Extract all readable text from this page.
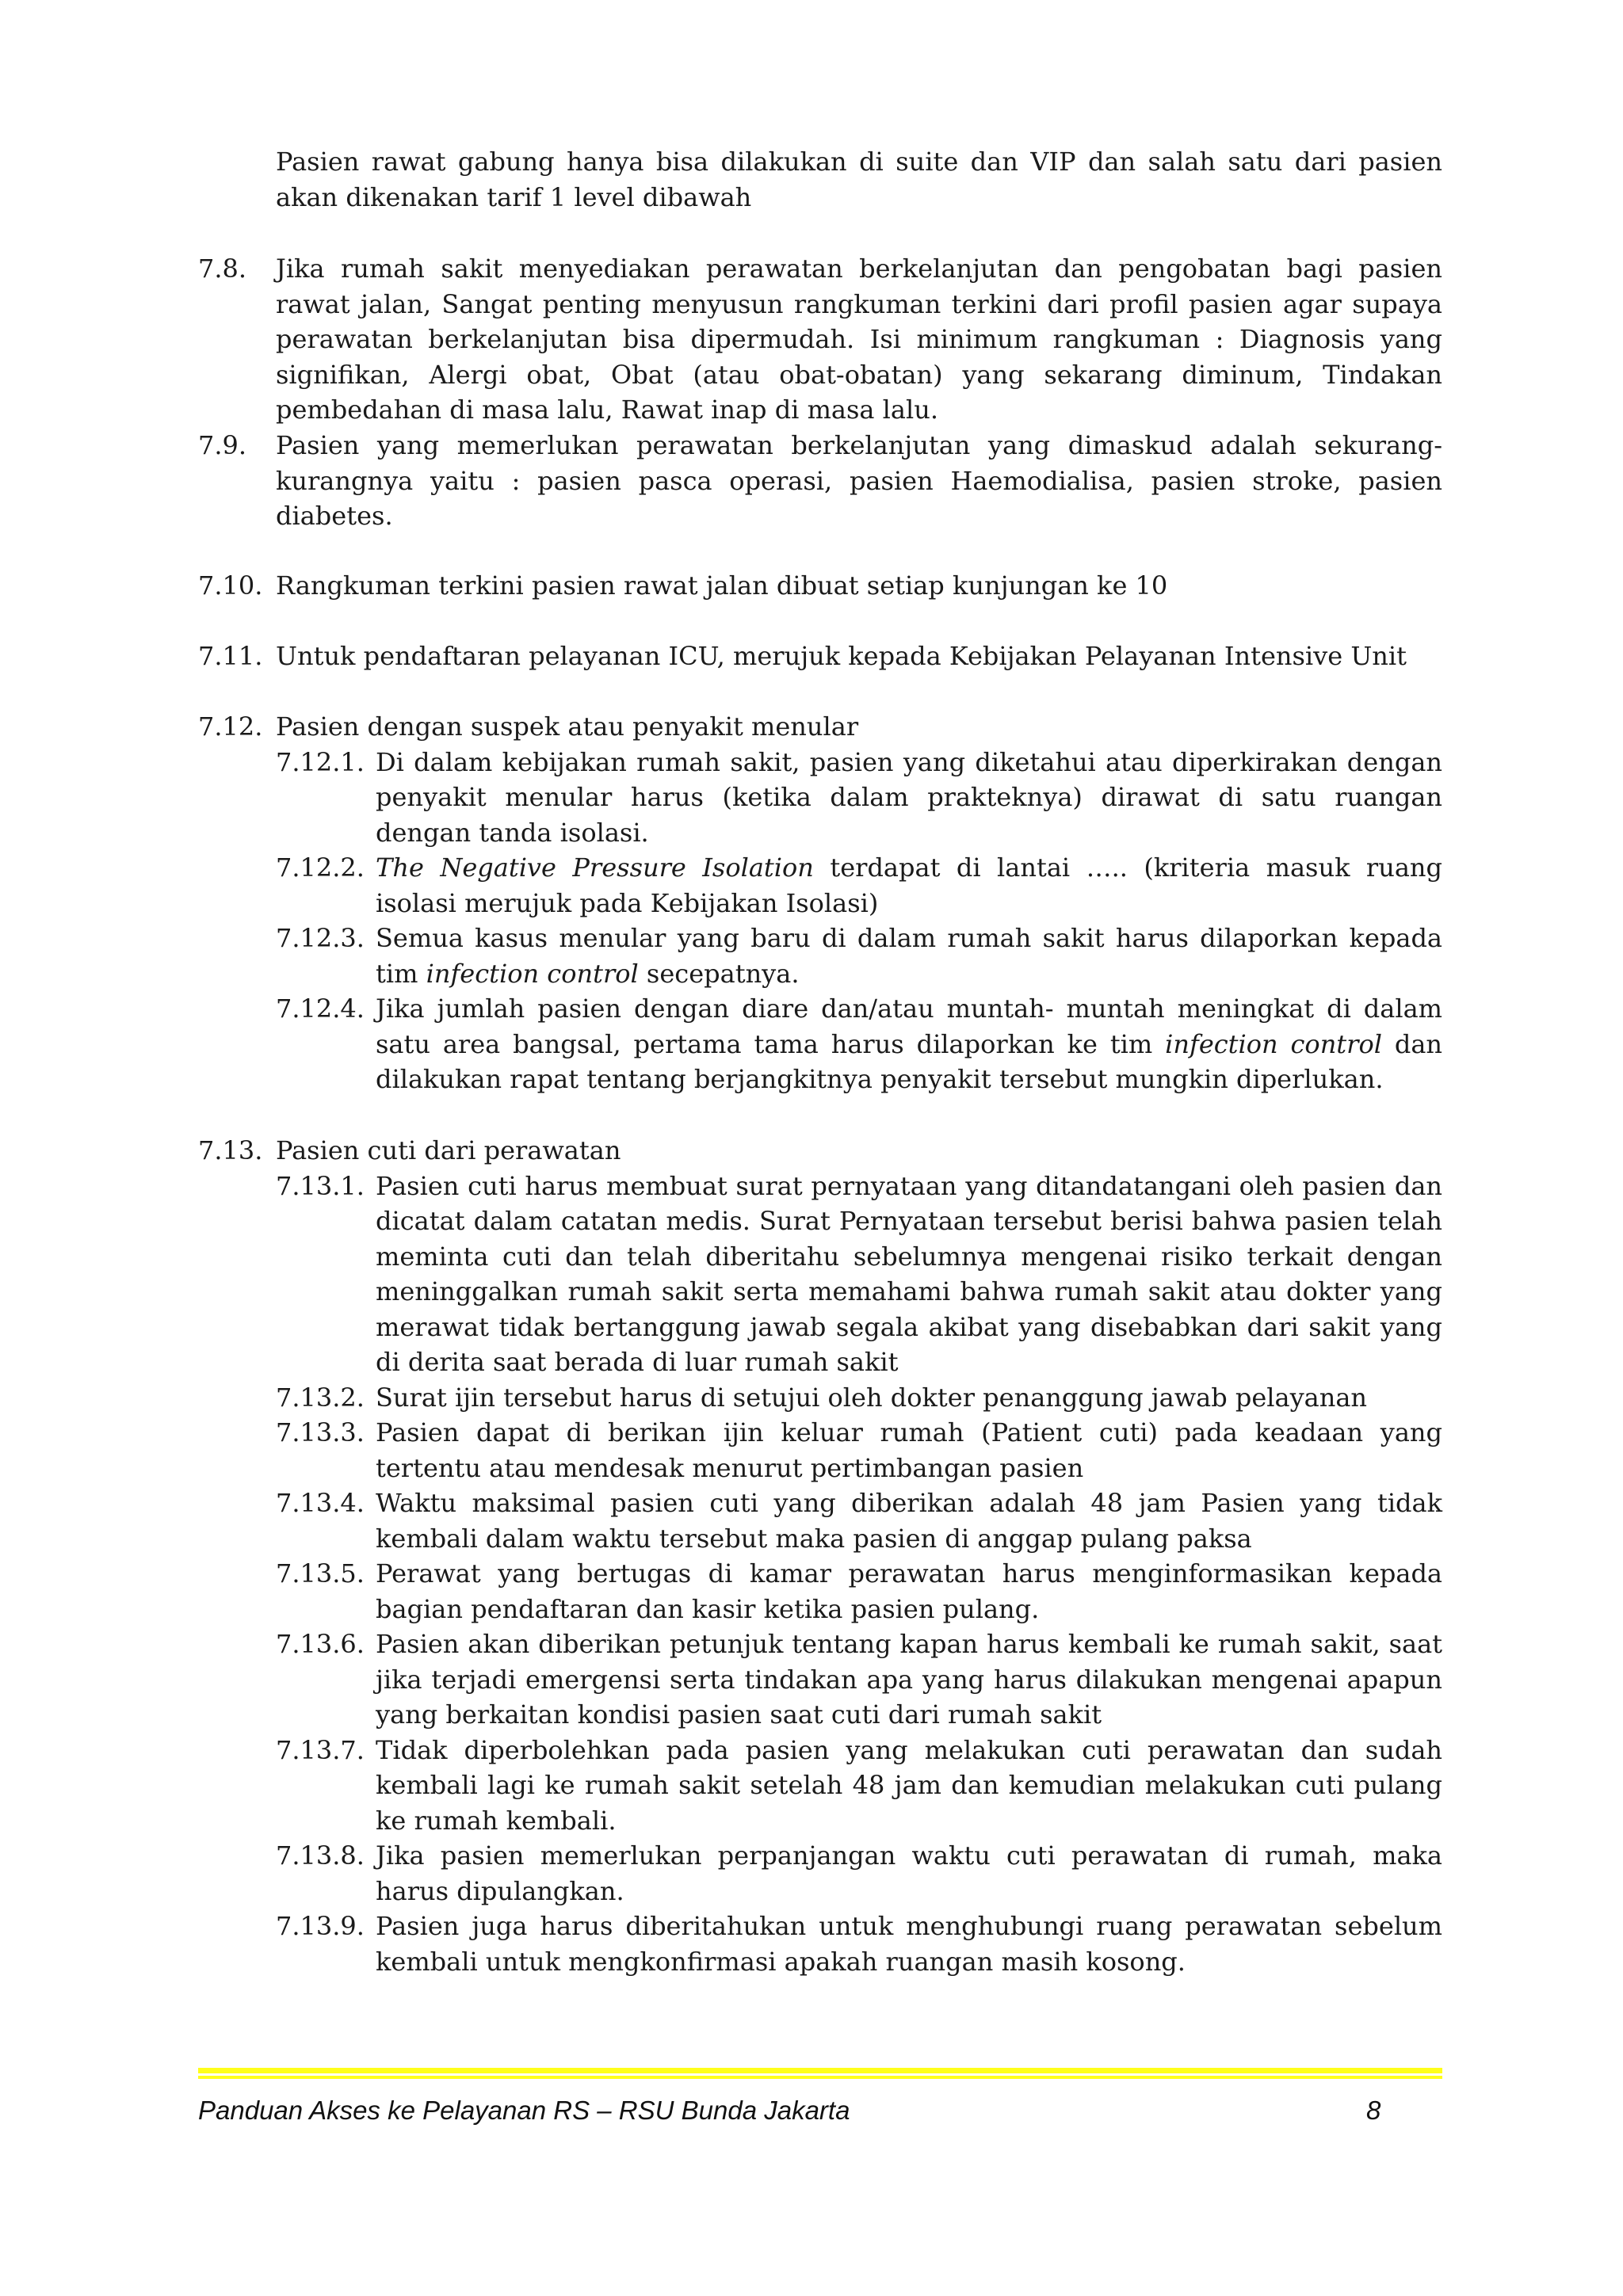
Pasien rawat gabung hanya bisa dilakukan di suite dan VIP dan salah satu dari pasien akan dikenakan tarif 1 level dibawah
7.8.	Jika rumah sakit menyediakan perawatan berkelanjutan dan pengobatan bagi pasien rawat jalan, Sangat penting menyusun rangkuman terkini dari profil pasien agar supaya perawatan berkelanjutan bisa dipermudah. Isi minimum rangkuman : Diagnosis yang signifikan, Alergi obat, Obat (atau obat-obatan) yang sekarang diminum, Tindakan pembedahan di masa lalu, Rawat inap di masa lalu.
7.9.	Pasien yang memerlukan perawatan berkelanjutan yang dimaskud adalah sekurang-kurangnya yaitu : pasien pasca operasi, pasien Haemodialisa, pasien stroke, pasien diabetes.
7.10. Rangkuman terkini pasien rawat jalan dibuat setiap kunjungan ke 10
7.11. Untuk pendaftaran pelayanan ICU, merujuk kepada Kebijakan Pelayanan Intensive Unit
7.12. Pasien dengan suspek atau penyakit menular
7.12.1. Di dalam kebijakan rumah sakit, pasien yang diketahui atau diperkirakan dengan penyakit menular harus (ketika dalam prakteknya) dirawat di satu ruangan dengan tanda isolasi.
7.12.2. The Negative Pressure Isolation terdapat di lantai ….. (kriteria masuk ruang isolasi merujuk pada Kebijakan Isolasi)
7.12.3. Semua kasus menular yang baru di dalam rumah sakit harus dilaporkan kepada tim infection control secepatnya.
7.12.4. Jika jumlah pasien dengan diare dan/atau muntah- muntah meningkat di dalam satu area bangsal, pertama tama harus dilaporkan ke tim infection control dan dilakukan rapat tentang berjangkitnya penyakit tersebut mungkin diperlukan.
7.13. Pasien cuti dari perawatan
7.13.1. Pasien cuti harus membuat surat pernyataan yang ditandatangani oleh pasien dan dicatat dalam catatan medis. Surat Pernyataan tersebut berisi bahwa pasien telah meminta cuti dan telah diberitahu sebelumnya mengenai risiko terkait dengan meninggalkan rumah sakit serta memahami bahwa rumah sakit atau dokter yang merawat tidak bertanggung jawab segala akibat yang disebabkan dari sakit yang di derita saat berada di luar rumah sakit
7.13.2. Surat ijin tersebut harus di setujui oleh dokter penanggung jawab pelayanan
7.13.3. Pasien dapat di berikan ijin keluar rumah (Patient cuti) pada keadaan yang tertentu atau mendesak menurut pertimbangan pasien
7.13.4. Waktu maksimal pasien cuti yang diberikan adalah 48 jam Pasien yang tidak kembali dalam waktu tersebut maka pasien di anggap pulang paksa
7.13.5. Perawat yang bertugas di kamar perawatan harus menginformasikan kepada bagian pendaftaran dan kasir ketika pasien pulang.
7.13.6. Pasien akan diberikan petunjuk tentang kapan harus kembali ke rumah sakit, saat jika terjadi emergensi serta tindakan apa yang harus dilakukan mengenai apapun yang berkaitan kondisi pasien saat cuti dari rumah sakit
7.13.7. Tidak diperbolehkan pada pasien yang melakukan cuti perawatan dan sudah kembali lagi ke rumah sakit setelah 48 jam dan kemudian melakukan cuti pulang ke rumah kembali.
7.13.8. Jika pasien memerlukan perpanjangan waktu cuti perawatan di rumah, maka harus dipulangkan.
7.13.9. Pasien juga harus diberitahukan untuk menghubungi ruang perawatan sebelum kembali untuk mengkonfirmasi apakah ruangan masih kosong.
Panduan Akses ke Pelayanan RS – RSU Bunda Jakarta	8
